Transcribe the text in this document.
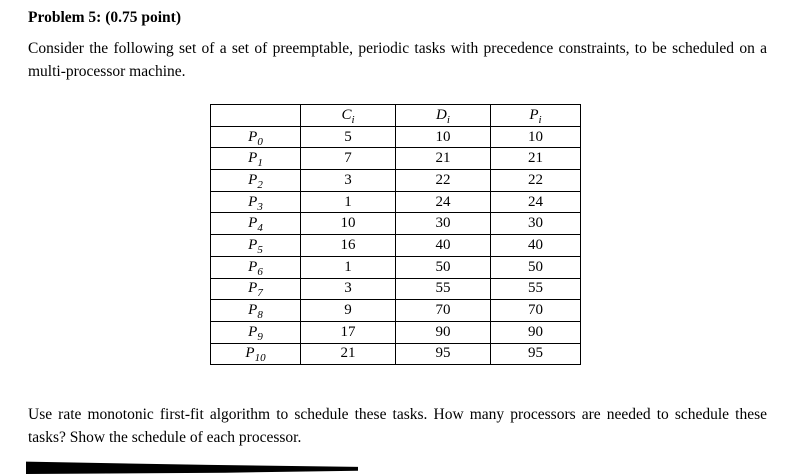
Problem 5: (0.75 point)

Consider the following set of a set of preemptable, periodic tasks with precedence constraints, to be scheduled on a multi-processor machine.

	$C_i$	$D_i$	$P_i$
$P_0$	5	10	10
$P_1$	7	21	21
$P_2$	3	22	22
$P_3$	1	24	24
$P_4$	10	30	30
$P_5$	16	40	40
$P_6$	1	50	50
$P_7$	3	55	55
$P_8$	9	70	70
$P_9$	17	90	90
$P_{10}$	21	95	95

Use rate monotonic first-fit algorithm to schedule these tasks. How many processors are needed to schedule these tasks? Show the schedule of each processor.
